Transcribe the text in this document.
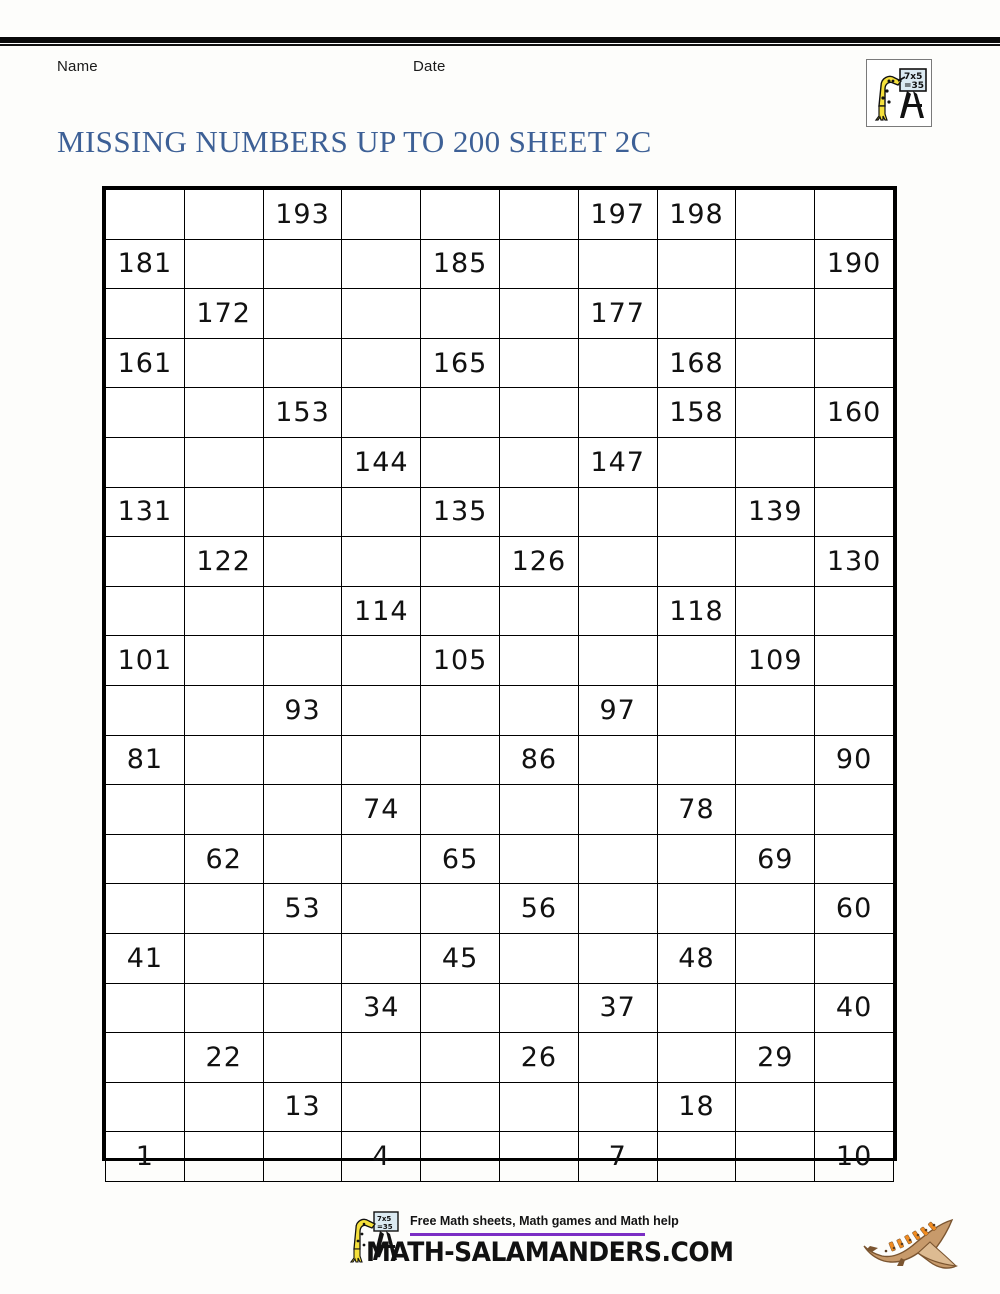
Name	Date
7x5
=35
MISSING NUMBERS UP TO 200 SHEET 2C
		193				197	198		
181				185					190
	172					177			
161				165			168		
		153					158		160
			144			147			
131				135				139	
	122				126				130
			114				118		
101				105				109	
		93				97			
81					86				90
			74				78		
	62			65				69	
		53			56				60
41				45			48		
			34			37			40
	22				26			29	
		13					18		
1			4			7			10
7x5
=35 Free Math sheets, Math games and Math help
MATH-SALAMANDERS.COM
